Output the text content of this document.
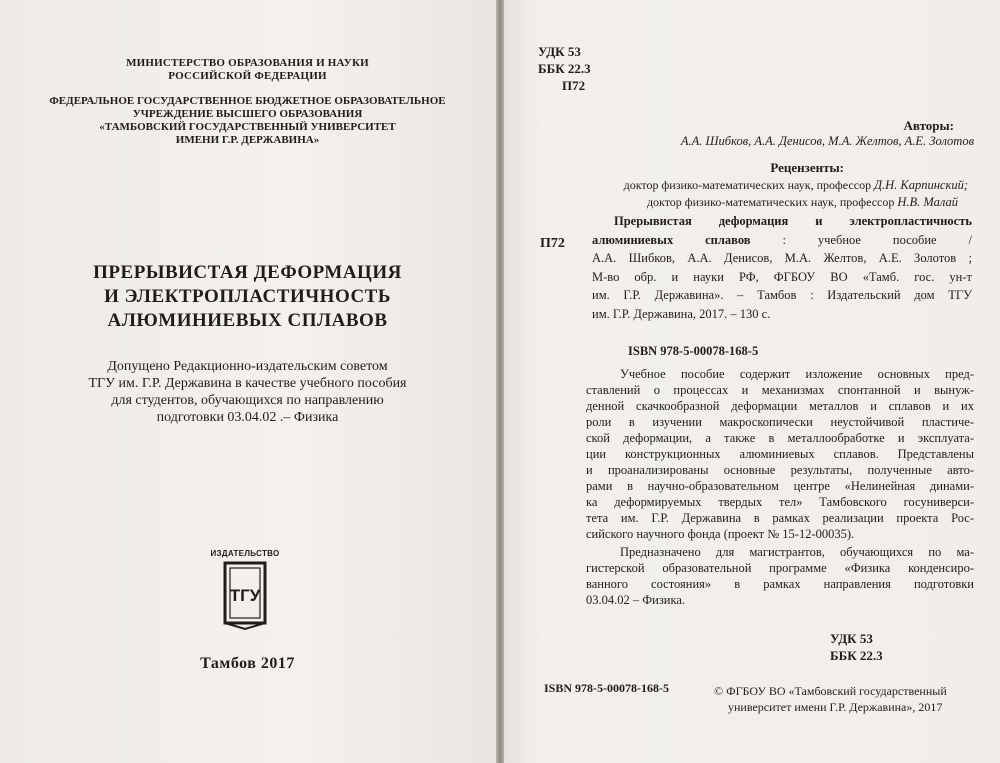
МИНИСТЕРСТВО ОБРАЗОВАНИЯ И НАУКИ
РОССИЙСКОЙ ФЕДЕРАЦИИ
ФЕДЕРАЛЬНОЕ ГОСУДАРСТВЕННОЕ БЮДЖЕТНОЕ ОБРАЗОВАТЕЛЬНОЕ
УЧРЕЖДЕНИЕ ВЫСШЕГО ОБРАЗОВАНИЯ
«ТАМБОВСКИЙ ГОСУДАРСТВЕННЫЙ УНИВЕРСИТЕТ
ИМЕНИ Г.Р. ДЕРЖАВИНА»
ПРЕРЫВИСТАЯ ДЕФОРМАЦИЯ
И ЭЛЕКТРОПЛАСТИЧНОСТЬ
АЛЮМИНИЕВЫХ СПЛАВОВ
Допущено Редакционно-издательским советом
ТГУ им. Г.Р. Державина в качестве учебного пособия
для студентов, обучающихся по направлению
подготовки 03.04.02 .– Физика
ИЗДАТЕЛЬСТВО
ТГУ
Тамбов 2017
УДК 53
ББК 22.3
П72
Авторы:
А.А. Шибков, А.А. Денисов, М.А. Желтов, А.Е. Золотов
Рецензенты:
доктор физико-математических наук, профессор Д.Н. Карпинский;
доктор физико-математических наук, профессор Н.В. Малай
П72
Прерывистая деформация и электропластичность
алюминиевых сплавов : учебное пособие /
А.А. Шибков, А.А. Денисов, М.А. Желтов, А.Е. Золотов ;
М-во обр. и науки РФ, ФГБОУ ВО «Тамб. гос. ун-т
им. Г.Р. Державина». – Тамбов : Издательский дом ТГУ
им. Г.Р. Державина, 2017. – 130 с.
ISBN 978-5-00078-168-5
Учебное пособие содержит изложение основных пред-
ставлений о процессах и механизмах спонтанной и вынуж-
денной скачкообразной деформации металлов и сплавов и их
роли в изучении макроскопически неустойчивой пластиче-
ской деформации, а также в металлообработке и эксплуата-
ции конструкционных алюминиевых сплавов. Представлены
и проанализированы основные результаты, полученные авто-
рами в научно-образовательном центре «Нелинейная динами-
ка деформируемых твердых тел» Тамбовского госуниверси-
тета им. Г.Р. Державина в рамках реализации проекта Рос-
сийского научного фонда (проект № 15-12-00035).
Предназначено для магистрантов, обучающихся по ма-
гистерской образовательной программе «Физика конденсиро-
ванного состояния» в рамках направления подготовки
03.04.02 – Физика.
УДК 53
ББК 22.3
ISBN 978-5-00078-168-5	© ФГБОУ ВО «Тамбовский государственный
университет имени Г.Р. Державина», 2017
